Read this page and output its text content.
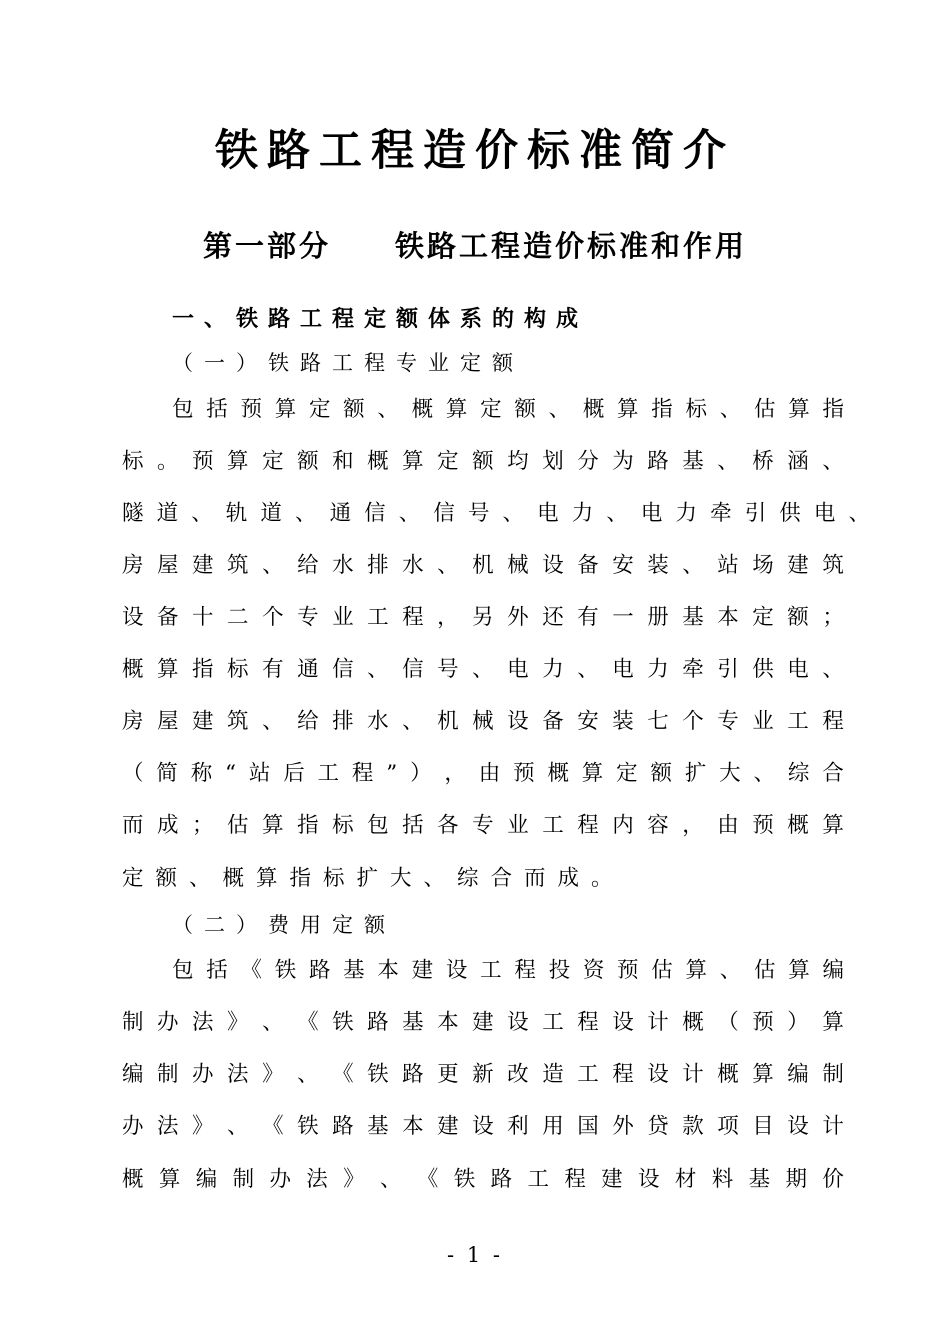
铁路工程造价标准简介
第一部分　　铁路工程造价标准和作用
一、铁路工程定额体系的构成
（一）铁路工程专业定额
包 括 预 算 定 额 、 概 算 定 额 、 概 算 指 标 、 估 算 指
标 。 预 算 定 额 和 概 算 定 额 均 划 分 为 路 基 、 桥 涵 、
隧 道 、 轨 道 、 通 信 、 信 号 、 电 力 、 电 力 牵 引 供 电 、
房 屋 建 筑 、 给 水 排 水 、 机 械 设 备 安 装 、 站 场 建 筑
设 备 十 二 个 专 业 工 程 ， 另 外 还 有 一 册 基 本 定 额 ；
概 算 指 标 有 通 信 、 信 号 、 电 力 、 电 力 牵 引 供 电 、
房 屋 建 筑 、 给 排 水 、 机 械 设 备 安 装 七 个 专 业 工 程
（ 简 称 “ 站 后 工 程 ” ） ， 由 预 概 算 定 额 扩 大 、 综 合
而 成 ； 估 算 指 标 包 括 各 专 业 工 程 内 容 ， 由 预 概 算
定额、概算指标扩大、综合而成。
（二）费用定额
包 括 《 铁 路 基 本 建 设 工 程 投 资 预 估 算 、 估 算 编
制 办 法 》 、 《 铁 路 基 本 建 设 工 程 设 计 概 （ 预 ） 算
编 制 办 法 》 、 《 铁 路 更 新 改 造 工 程 设 计 概 算 编 制
办 法 》 、 《 铁 路 基 本 建 设 利 用 国 外 贷 款 项 目 设 计
概 算 编 制 办 法 》 、 《 铁 路 工 程 建 设 材 料 基 期 价
- 1 -
